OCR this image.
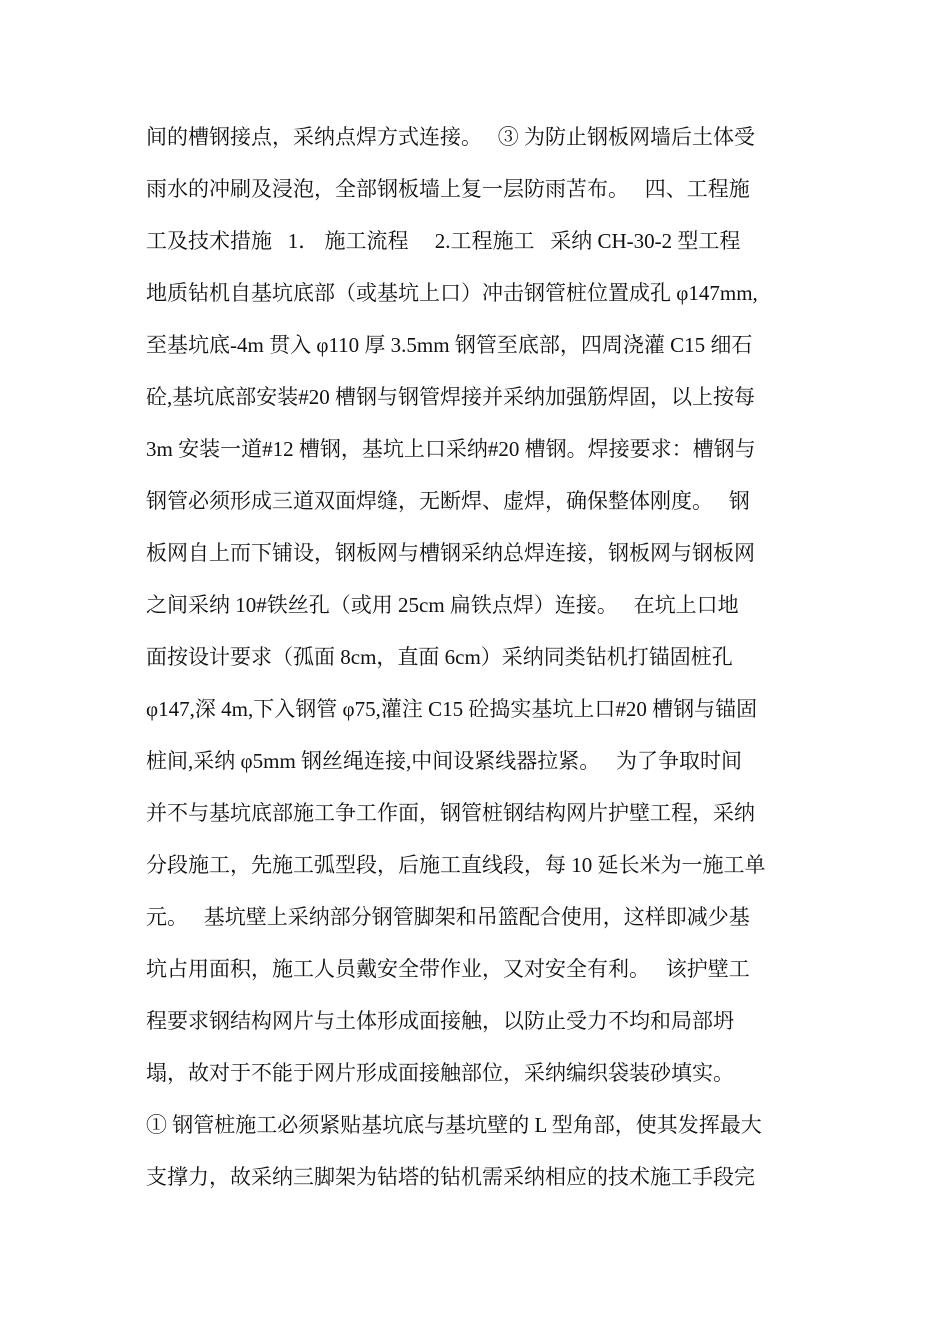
间的槽钢接点，采纳点焊方式连接。   ③ 为防止钢板网墙后土体受
雨水的冲刷及浸泡，全部钢板墙上复一层防雨苫布。   四、工程施
工及技术措施   1． 施工流程     2.工程施工   采纳 CH-30-2 型工程
地质钻机自基坑底部（或基坑上口）冲击钢管桩位置成孔 φ147mm,
至基坑底-4m 贯入 φ110 厚 3.5mm 钢管至底部，四周浇灌 C15 细石
砼,基坑底部安装#20 槽钢与钢管焊接并采纳加强筋焊固，以上按每
3m 安装一道#12 槽钢，基坑上口采纳#20 槽钢。焊接要求：槽钢与
钢管必须形成三道双面焊缝，无断焊、虚焊，确保整体刚度。   钢
板网自上而下铺设，钢板网与槽钢采纳总焊连接，钢板网与钢板网
之间采纳 10#铁丝孔（或用 25cm 扁铁点焊）连接。   在坑上口地
面按设计要求（孤面 8cm，直面 6cm）采纳同类钻机打锚固桩孔
φ147,深 4m,下入钢管 φ75,灌注 C15 砼捣实基坑上口#20 槽钢与锚固
桩间,采纳 φ5mm 钢丝绳连接,中间设紧线器拉紧。   为了争取时间
并不与基坑底部施工争工作面，钢管桩钢结构网片护壁工程，采纳
分段施工，先施工弧型段，后施工直线段，每 10 延长米为一施工单
元。   基坑壁上采纳部分钢管脚架和吊篮配合使用，这样即减少基
坑占用面积，施工人员戴安全带作业，又对安全有利。   该护壁工
程要求钢结构网片与土体形成面接触，以防止受力不均和局部坍
塌，故对于不能于网片形成面接触部位，采纳编织袋装砂填实。
① 钢管桩施工必须紧贴基坑底与基坑壁的 L 型角部，使其发挥最大
支撑力，故采纳三脚架为钻塔的钻机需采纳相应的技术施工手段完
